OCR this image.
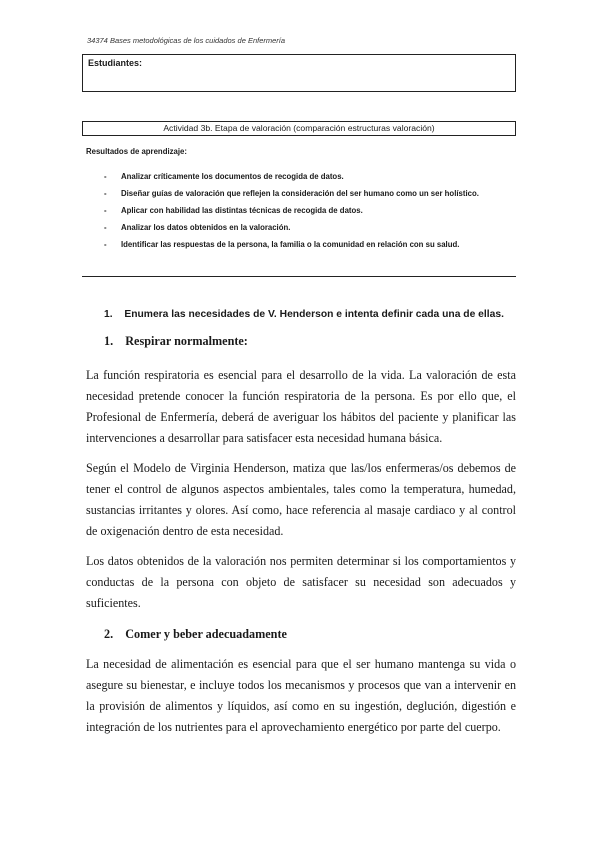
34374 Bases metodológicas de los cuidados de Enfermería
Estudiantes:
Actividad 3b. Etapa de valoración (comparación estructuras valoración)
Resultados de aprendizaje:
- Analizar críticamente los documentos de recogida de datos.
- Diseñar guías de valoración que reflejen la consideración del ser humano como un ser holístico.
- Aplicar con habilidad las distintas técnicas de recogida de datos.
- Analizar los datos obtenidos en la valoración.
- Identificar las respuestas de la persona, la familia o la comunidad en relación con su salud.
1. Enumera las necesidades de V. Henderson e intenta definir cada una de ellas.
1. Respirar normalmente:

La función respiratoria es esencial para el desarrollo de la vida. La valoración de esta necesidad pretende conocer la función respiratoria de la persona. Es por ello que, el Profesional de Enfermería, deberá de averiguar los hábitos del paciente y planificar las intervenciones a desarrollar para satisfacer esta necesidad humana básica.

Según el Modelo de Virginia Henderson, matiza que las/los enfermeras/os debemos de tener el control de algunos aspectos ambientales, tales como la temperatura, humedad, sustancias irritantes y olores. Así como, hace referencia al masaje cardiaco y al control de oxigenación dentro de esta necesidad.

Los datos obtenidos de la valoración nos permiten determinar si los comportamientos y conductas de la persona con objeto de satisfacer su necesidad son adecuados y suficientes.

2. Comer y beber adecuadamente

La necesidad de alimentación es esencial para que el ser humano mantenga su vida o asegure su bienestar, e incluye todos los mecanismos y procesos que van a intervenir en la provisión de alimentos y líquidos, así como en su ingestión, deglución, digestión e integración de los nutrientes para el aprovechamiento energético por parte del cuerpo.
